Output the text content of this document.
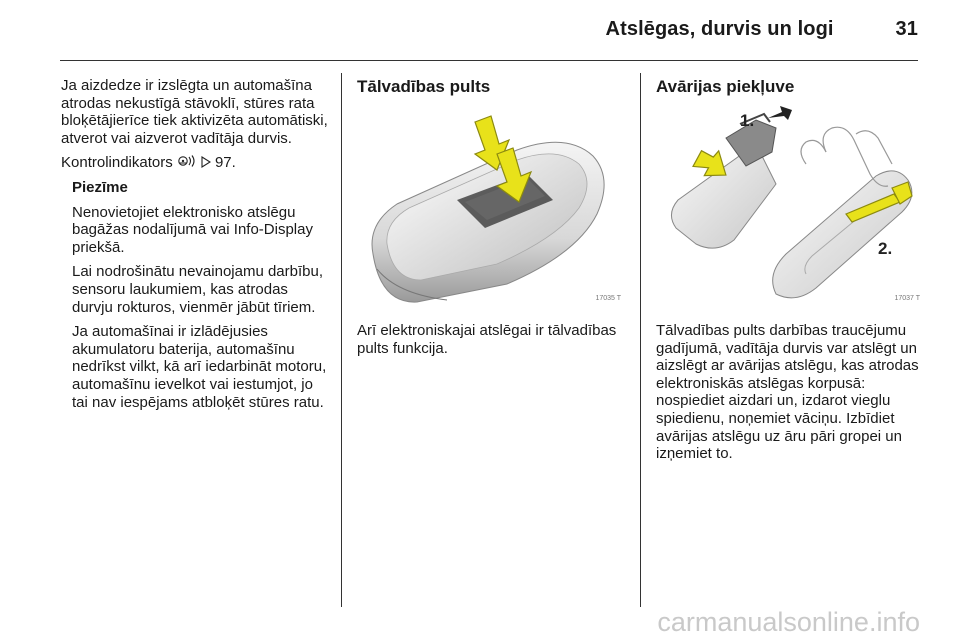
Atslēgas, durvis un logi	31

Ja aizdedze ir izslēgta un automašīna atrodas nekustīgā stāvoklī, stūres rata bloķētājierīce tiek aktivizēta automātiski, atverot vai aizverot vadītāja durvis.

Kontrolindikators	97.

Piezīme

Nenovietojiet elektronisko atslēgu bagāžas nodalījumā vai Info-Display priekšā.

Lai nodrošinātu nevainojamu darbību, sensoru laukumiem, kas atrodas durvju rokturos, vienmēr jābūt tīriem.

Ja automašīnai ir izlādējusies akumulatoru baterija, automašīnu nedrīkst vilkt, kā arī iedarbināt motoru, automašīnu ievelkot vai iestumjot, jo tai nav iespējams atbloķēt stūres ratu.

Tālvadības pults

17035 T

Arī elektroniskajai atslēgai ir tālvadības pults funkcija.

Avārijas piekļuve

1.
2.
17037 T

Tālvadības pults darbības traucējumu gadījumā, vadītāja durvis var atslēgt un aizslēgt ar avārijas atslēgu, kas atrodas elektroniskās atslēgas korpusā: nospiediet aizdari un, izdarot vieglu spiedienu, noņemiet vāciņu. Izbīdiet avārijas atslēgu uz āru pāri gropei un izņemiet to.

carmanualsonline.info
